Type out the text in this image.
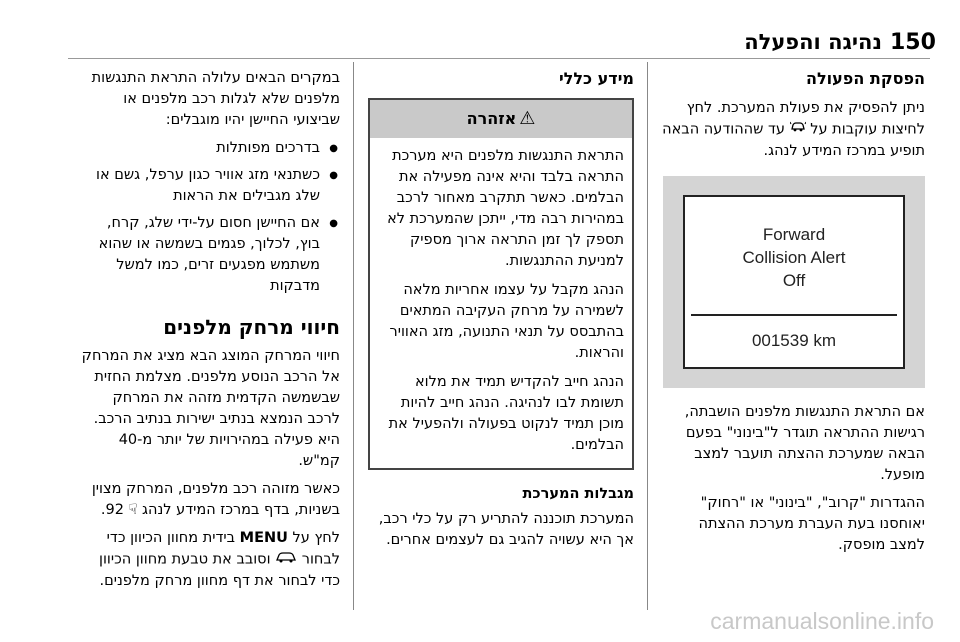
150
נהיגה והפעלה
הפסקת הפעולה

ניתן להפסיק את פעולת המערכת. לחץ לחיצות עוקבות על  עד שההודעה הבאה תופיע במרכז המידע לנהג.

Forward
Collision Alert
Off
001539 km

אם התראת התנגשות מלפנים הושבתה, רגישות ההתראה תוגדר ל"בינוני" בפעם הבאה שמערכת ההצתה תועבר למצב מופעל.

ההגדרות "קרוב", "בינוני" או "רחוק" יאוחסנו בעת העברת מערכת ההצתה למצב מופסק.

מידע כללי
⚠אזהרה

התראת התנגשות מלפנים היא מערכת התראה בלבד והיא אינה מפעילה את הבלמים. כאשר תתקרב מאחור לרכב במהירות רבה מדי, ייתכן שהמערכת לא תספק לך זמן התראה ארוך מספיק למניעת ההתנגשות.

הנהג מקבל על עצמו אחריות מלאה לשמירה על מרחק העקיבה המתאים בהתבסס על תנאי התנועה, מזג האוויר והראות.

הנהג חייב להקדיש תמיד את מלוא תשומת לבו לנהיגה. הנהג חייב להיות מוכן תמיד לנקוט בפעולה ולהפעיל את הבלמים.

מגבלות המערכת

המערכת תוכננה להתריע רק על כלי רכב, אך היא עשויה להגיב גם לעצמים אחרים.

במקרים הבאים עלולה התראת התנגשות מלפנים שלא לגלות רכב מלפנים או שביצועי החיישן יהיו מוגבלים:

● בדרכים מפותלות
● כשתנאי מזג אוויר כגון ערפל, גשם או שלג מגבילים את הראות
● אם החיישן חסום על-ידי שלג, קרח, בוץ, לכלוך, פגמים בשמשה או שהוא משתמש מפגעים זרים, כמו למשל מדבקות
חיווי מרחק מלפנים

חיווי המרחק המוצג הבא מציג את המרחק אל הרכב הנוסע מלפנים. מצלמת החזית שבשמשה הקדמית מזהה את המרחק לרכב הנמצא בנתיב ישירות בנתיב הרכב. היא פעילה במהירויות של יותר מ-40 קמ"ש.

כאשר מזוהה רכב מלפנים, המרחק מצוין בשניות, בדף במרכז המידע לנהג ☟ 92.

לחץ על MENU בידית מחוון הכיוון כדי לבחור  וסובב את טבעת מחוון הכיוון כדי לבחור את דף מחוון מרחק מלפנים.

carmanualsonline.info
